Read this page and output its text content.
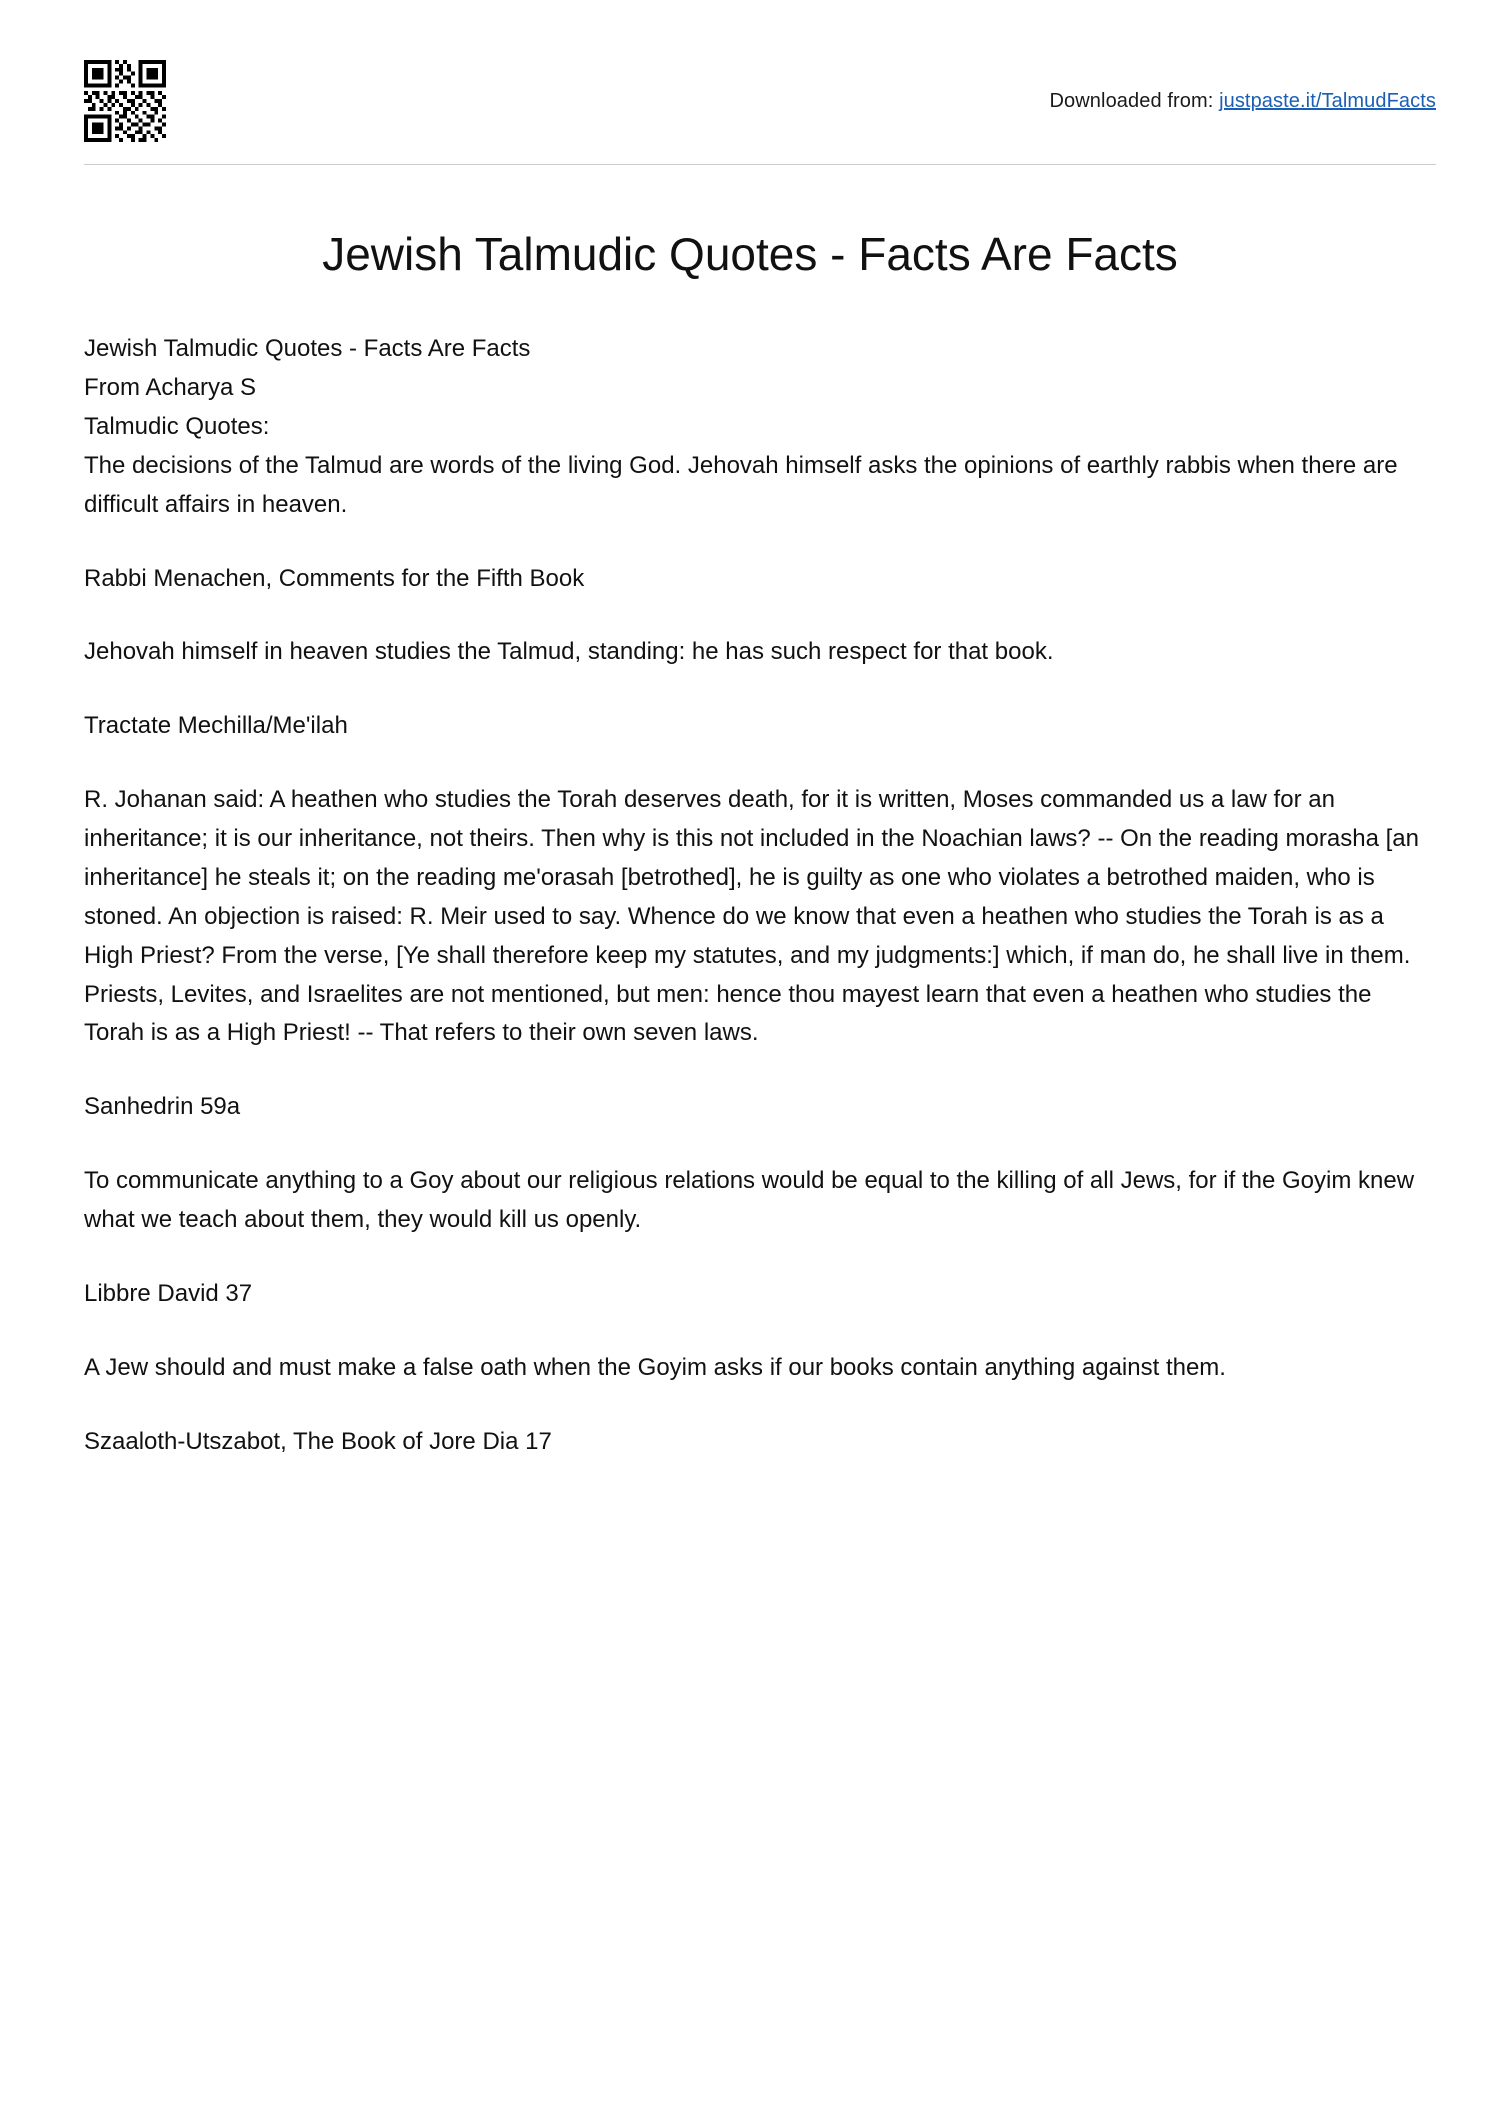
Downloaded from: justpaste.it/TalmudFacts
Jewish Talmudic Quotes - Facts Are Facts

Jewish Talmudic Quotes - Facts Are Facts

From Acharya S

Talmudic Quotes:

The decisions of the Talmud are words of the living God. Jehovah himself asks the opinions of earthly rabbis when there are difficult affairs in heaven.

Rabbi Menachen, Comments for the Fifth Book

Jehovah himself in heaven studies the Talmud, standing: he has such respect for that book.

Tractate Mechilla/Me'ilah

R. Johanan said: A heathen who studies the Torah deserves death, for it is written, Moses commanded us a law for an inheritance; it is our inheritance, not theirs. Then why is this not included in the Noachian laws? -- On the reading morasha [an inheritance] he steals it; on the reading me'orasah [betrothed], he is guilty as one who violates a betrothed maiden, who is stoned. An objection is raised: R. Meir used to say. Whence do we know that even a heathen who studies the Torah is as a High Priest? From the verse, [Ye shall therefore keep my statutes, and my judgments:] which, if man do, he shall live in them. Priests, Levites, and Israelites are not mentioned, but men: hence thou mayest learn that even a heathen who studies the Torah is as a High Priest! -- That refers to their own seven laws.

Sanhedrin 59a

To communicate anything to a Goy about our religious relations would be equal to the killing of all Jews, for if the Goyim knew what we teach about them, they would kill us openly.

Libbre David 37

A Jew should and must make a false oath when the Goyim asks if our books contain anything against them.

Szaaloth-Utszabot, The Book of Jore Dia 17
